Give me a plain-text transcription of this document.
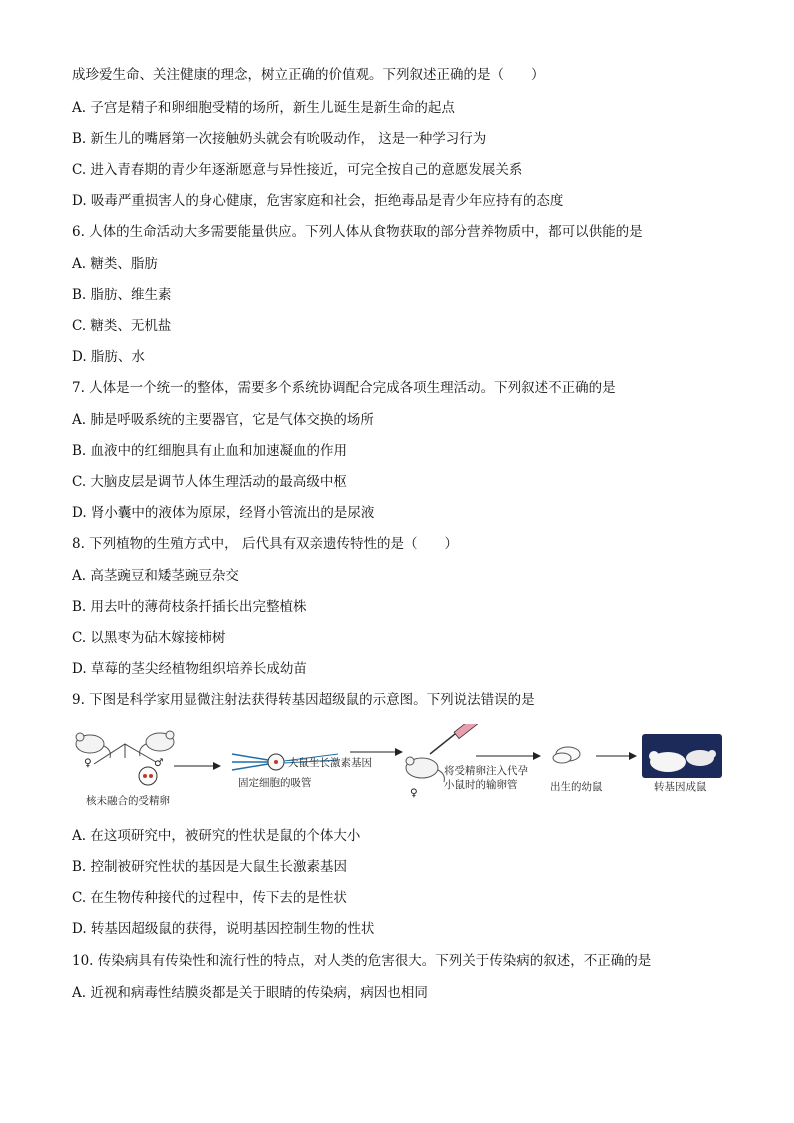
成珍爱生命、关注健康的理念，树立正确的价值观。下列叙述正确的是（　　）
A. 子宫是精子和卵细胞受精的场所，新生儿诞生是新生命的起点
B. 新生儿的嘴唇第一次接触奶头就会有吮吸动作， 这是一种学习行为
C. 进入青春期的青少年逐渐愿意与异性接近，可完全按自己的意愿发展关系
D. 吸毒严重损害人的身心健康，危害家庭和社会，拒绝毒品是青少年应持有的态度
6. 人体的生命活动大多需要能量供应。下列人体从食物获取的部分营养物质中，都可以供能的是
A. 糖类、脂肪
B. 脂肪、维生素
C. 糖类、无机盐
D. 脂肪、水
7. 人体是一个统一的整体，需要多个系统协调配合完成各项生理活动。下列叙述不正确的是
A. 肺是呼吸系统的主要器官，它是气体交换的场所
B. 血液中的红细胞具有止血和加速凝血的作用
C. 大脑皮层是调节人体生理活动的最高级中枢
D. 肾小囊中的液体为原尿，经肾小管流出的是尿液
8. 下列植物的生殖方式中， 后代具有双亲遗传特性的是（　　）
A. 高茎豌豆和矮茎豌豆杂交
B. 用去叶的薄荷枝条扦插长出完整植株
C. 以黑枣为砧木嫁接柿树
D. 草莓的茎尖经植物组织培养长成幼苗
9. 下图是科学家用显微注射法获得转基因超级鼠的示意图。下列说法错误的是
♀	♂
核未融合的受精卵
大鼠生长激素基因
固定细胞的吸管
♀
将受精卵注入代孕
小鼠时的输卵管	出生的幼鼠	转基因成鼠
A. 在这项研究中，被研究的性状是鼠的个体大小
B. 控制被研究性状的基因是大鼠生长激素基因
C. 在生物传种接代的过程中，传下去的是性状
D. 转基因超级鼠的获得，说明基因控制生物的性状
10. 传染病具有传染性和流行性的特点，对人类的危害很大。下列关于传染病的叙述，不正确的是
A. 近视和病毒性结膜炎都是关于眼睛的传染病，病因也相同
